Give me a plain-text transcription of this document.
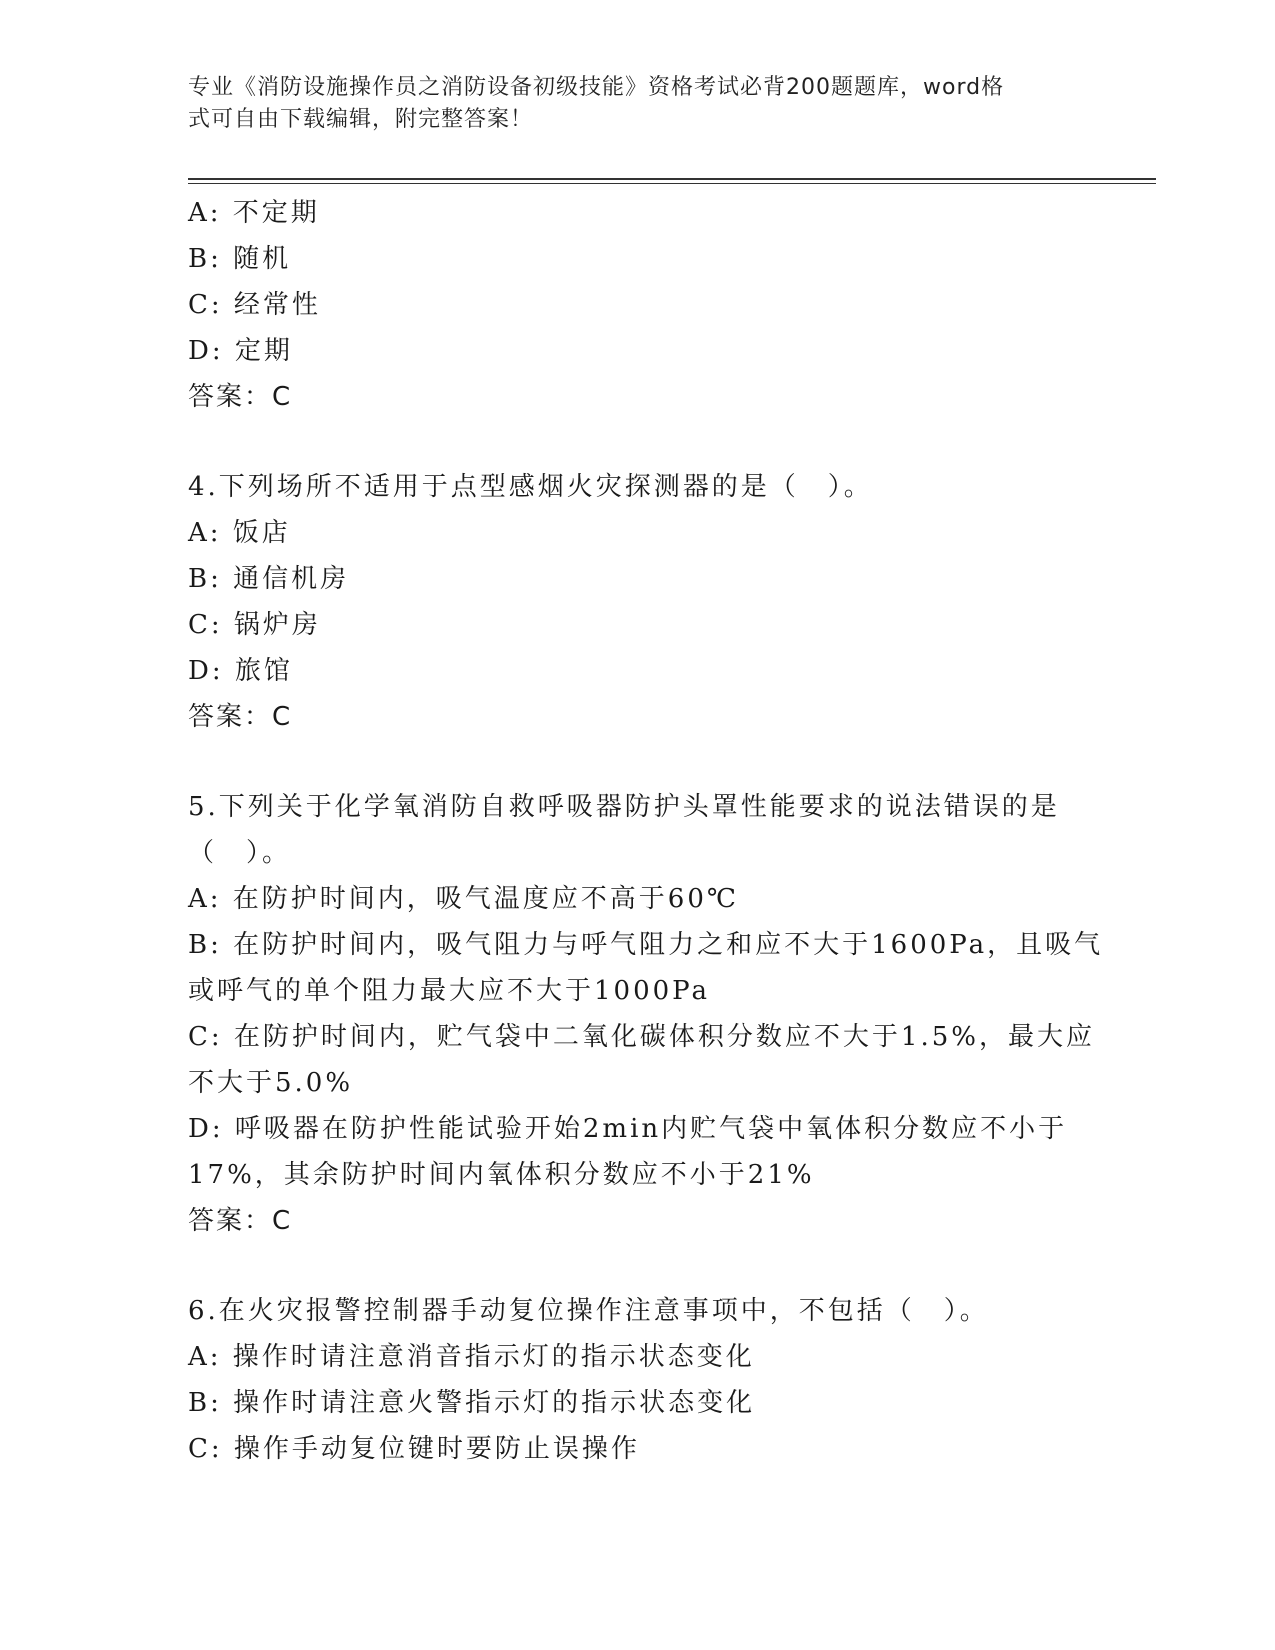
专业《消防设施操作员之消防设备初级技能》资格考试必背200题题库，word格
式可自由下载编辑，附完整答案！
A: 不定期
B: 随机
C: 经常性
D: 定期
答案：C
4.下列场所不适用于点型感烟火灾探测器的是（　）。
A: 饭店
B: 通信机房
C: 锅炉房
D: 旅馆
答案：C
5.下列关于化学氧消防自救呼吸器防护头罩性能要求的说法错误的是
（　）。
A: 在防护时间内，吸气温度应不高于60℃
B: 在防护时间内，吸气阻力与呼气阻力之和应不大于1600Pa，且吸气
或呼气的单个阻力最大应不大于1000Pa
C: 在防护时间内，贮气袋中二氧化碳体积分数应不大于1.5%，最大应
不大于5.0%
D: 呼吸器在防护性能试验开始2min内贮气袋中氧体积分数应不小于
17%，其余防护时间内氧体积分数应不小于21%
答案：C
6.在火灾报警控制器手动复位操作注意事项中，不包括（　）。
A: 操作时请注意消音指示灯的指示状态变化
B: 操作时请注意火警指示灯的指示状态变化
C: 操作手动复位键时要防止误操作
